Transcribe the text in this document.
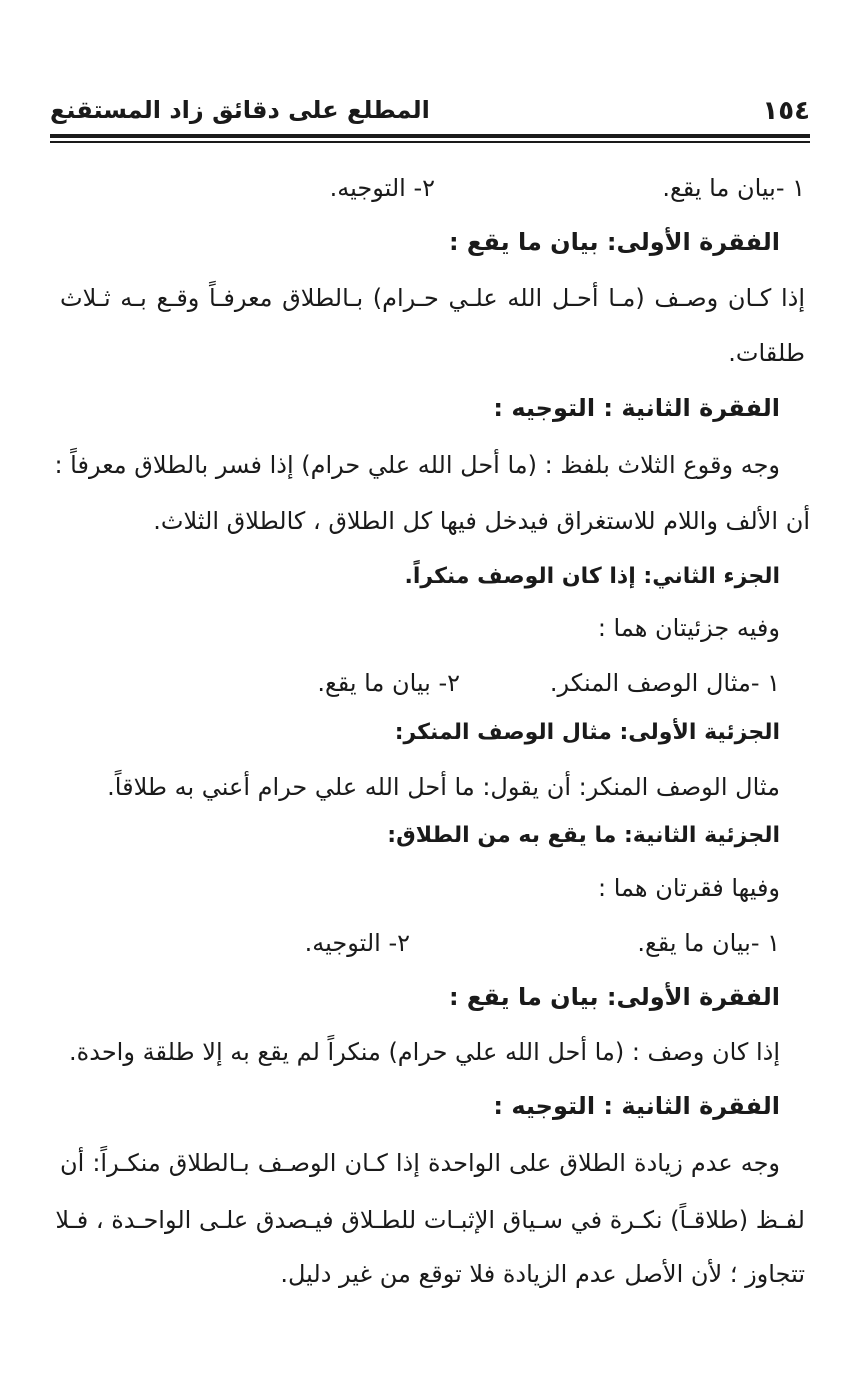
١٥٤
المطلع على دقائق زاد المستقنع
١ -بيان ما يقع.
٢- التوجيه.
الفقرة الأولى: بيان ما يقع :
إذا كـان وصـف (مـا أحـل الله علـي حـرام) بـالطلاق معرفـاً وقـع بـه ثـلاث
طلقات.
الفقرة الثانية : التوجيه :
وجه وقوع الثلاث بلفظ : (ما أحل الله علي حرام) إذا فسر بالطلاق معرفاً :
أن الألف واللام للاستغراق فيدخل فيها كل الطلاق ، كالطلاق الثلاث.
الجزء الثاني: إذا كان الوصف منكراً.
وفيه جزئيتان هما :
١ -مثال الوصف المنكر.
٢- بيان ما يقع.
الجزئية الأولى: مثال الوصف المنكر:
مثال الوصف المنكر: أن يقول: ما أحل الله علي حرام أعني به طلاقاً.
الجزئية الثانية: ما يقع به من الطلاق:
وفيها فقرتان هما :
١ -بيان ما يقع.
٢- التوجيه.
الفقرة الأولى: بيان ما يقع :
إذا كان وصف : (ما أحل الله علي حرام) منكراً لم يقع به إلا طلقة واحدة.
الفقرة الثانية : التوجيه :
وجه عدم زيادة الطلاق على الواحدة إذا كـان الوصـف بـالطلاق منكـراً: أن
لفـظ (طلاقـاً) نكـرة في سـياق الإثبـات للطـلاق فيـصدق علـى الواحـدة ، فـلا
تتجاوز ؛ لأن الأصل عدم الزيادة فلا توقع من غير دليل.
